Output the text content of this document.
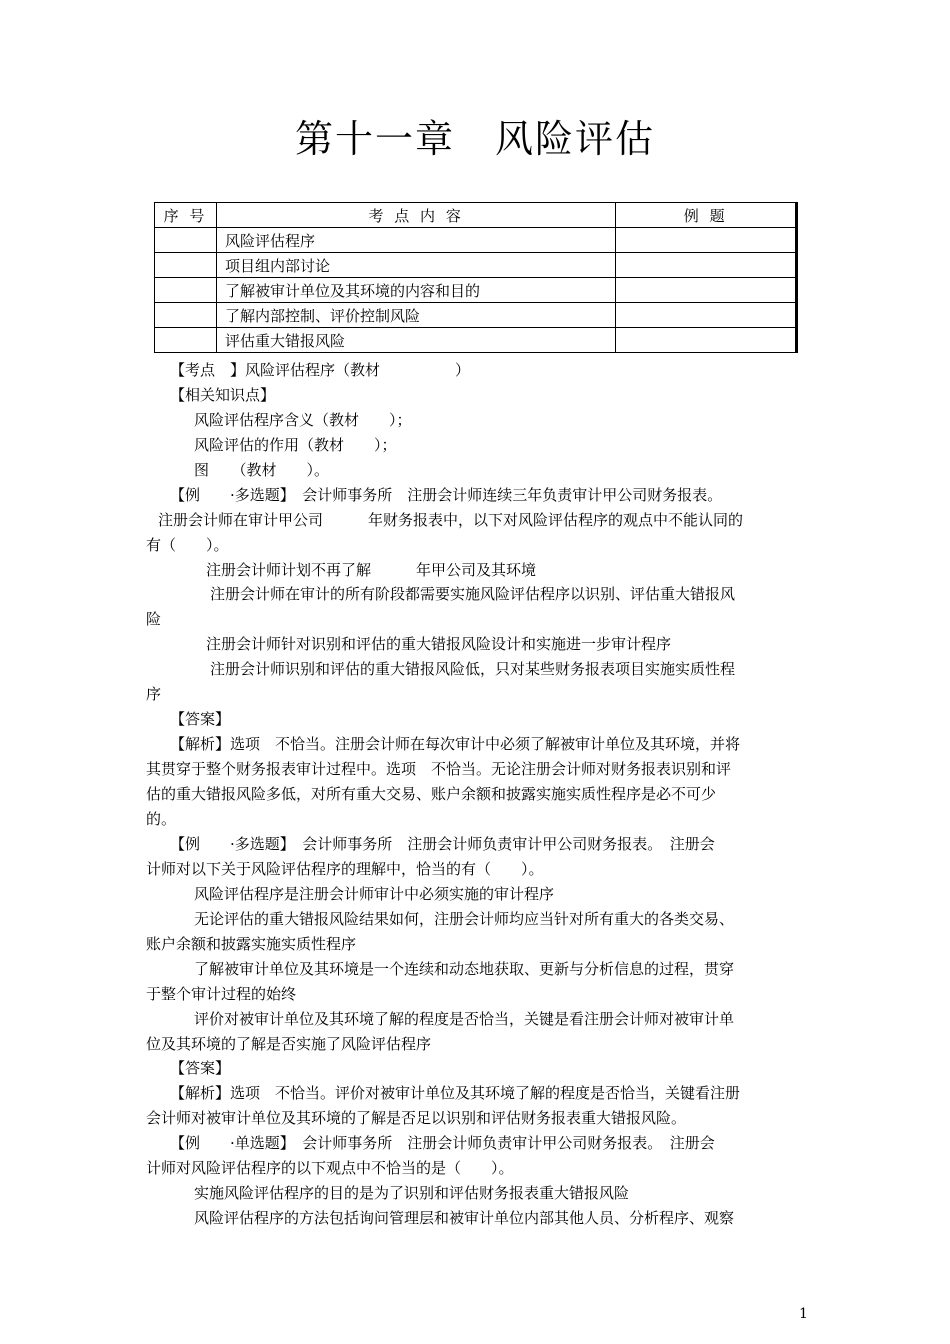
第十一章　风险评估
序 号	考 点 内 容	例 题
	风险评估程序	
	项目组内部讨论	
	了解被审计单位及其环境的内容和目的	
	了解内部控制、评价控制风险	
	评估重大错报风险	
【考点　】风险评估程序（教材　　　　　）
【相关知识点】
风险评估程序含义（教材　　）；
风险评估的作用（教材　　）；
图　　（教材　　）。
【例　　·多选题】　会计师事务所　注册会计师连续三年负责审计甲公司财务报表。
注册会计师在审计甲公司　　　年财务报表中，以下对风险评估程序的观点中不能认同的
有（　　）。
注册会计师计划不再了解　　　年甲公司及其环境
注册会计师在审计的所有阶段都需要实施风险评估程序以识别、评估重大错报风
险
注册会计师针对识别和评估的重大错报风险设计和实施进一步审计程序
注册会计师识别和评估的重大错报风险低，只对某些财务报表项目实施实质性程
序
【答案】
【解析】选项　不恰当。注册会计师在每次审计中必须了解被审计单位及其环境，并将
其贯穿于整个财务报表审计过程中。选项　不恰当。无论注册会计师对财务报表识别和评
估的重大错报风险多低，对所有重大交易、账户余额和披露实施实质性程序是必不可少
的。
【例　　·多选题】　会计师事务所　注册会计师负责审计甲公司财务报表。　注册会
计师对以下关于风险评估程序的理解中，恰当的有（　　）。
风险评估程序是注册会计师审计中必须实施的审计程序
无论评估的重大错报风险结果如何，注册会计师均应当针对所有重大的各类交易、
账户余额和披露实施实质性程序
了解被审计单位及其环境是一个连续和动态地获取、更新与分析信息的过程，贯穿
于整个审计过程的始终
评价对被审计单位及其环境了解的程度是否恰当，关键是看注册会计师对被审计单
位及其环境的了解是否实施了风险评估程序
【答案】
【解析】选项　不恰当。评价对被审计单位及其环境了解的程度是否恰当，关键看注册
会计师对被审计单位及其环境的了解是否足以识别和评估财务报表重大错报风险。
【例　　·单选题】　会计师事务所　注册会计师负责审计甲公司财务报表。　注册会
计师对风险评估程序的以下观点中不恰当的是（　　）。
实施风险评估程序的目的是为了识别和评估财务报表重大错报风险
风险评估程序的方法包括询问管理层和被审计单位内部其他人员、分析程序、观察
1
